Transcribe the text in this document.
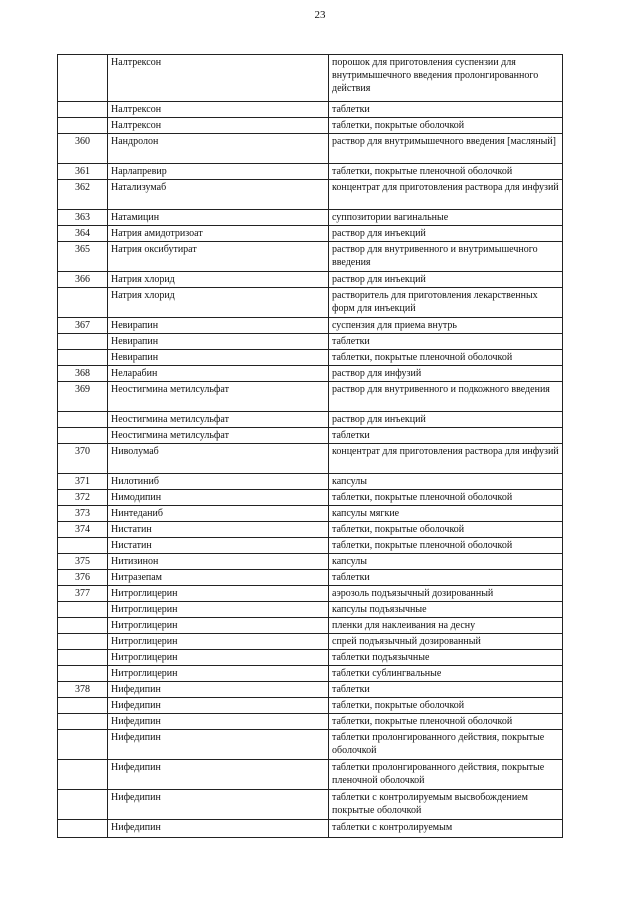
23
	Налтрексон	порошок для приготовления суспензии для внутримышечного введения пролонгированного действия
	Налтрексон	таблетки
	Налтрексон	таблетки, покрытые оболочкой
360	Нандролон	раствор для внутримышечного введения [масляный]
361	Нарлапревир	таблетки, покрытые пленочной оболочкой
362	Натализумаб	концентрат для приготовления раствора для инфузий
363	Натамицин	суппозитории вагинальные
364	Натрия амидотризоат	раствор для инъекций
365	Натрия оксибутират	раствор для внутривенного и внутримышечного введения
366	Натрия хлорид	раствор для инъекций
	Натрия хлорид	растворитель для приготовления лекарственных форм для инъекций
367	Невирапин	суспензия для приема внутрь
	Невирапин	таблетки
	Невирапин	таблетки, покрытые пленочной оболочкой
368	Неларабин	раствор для инфузий
369	Неостигмина метилсульфат	раствор для внутривенного и подкожного введения
	Неостигмина метилсульфат	раствор для инъекций
	Неостигмина метилсульфат	таблетки
370	Ниволумаб	концентрат для приготовления раствора для инфузий
371	Нилотиниб	капсулы
372	Нимодипин	таблетки, покрытые пленочной оболочкой
373	Нинтеданиб	капсулы мягкие
374	Нистатин	таблетки, покрытые оболочкой
	Нистатин	таблетки, покрытые пленочной оболочкой
375	Нитизинон	капсулы
376	Нитразепам	таблетки
377	Нитроглицерин	аэрозоль подъязычный дозированный
	Нитроглицерин	капсулы подъязычные
	Нитроглицерин	пленки для наклеивания на десну
	Нитроглицерин	спрей подъязычный дозированный
	Нитроглицерин	таблетки подъязычные
	Нитроглицерин	таблетки сублингвальные
378	Нифедипин	таблетки
	Нифедипин	таблетки, покрытые оболочкой
	Нифедипин	таблетки, покрытые пленочной оболочкой
	Нифедипин	таблетки пролонгированного действия, покрытые оболочкой
	Нифедипин	таблетки пролонгированного действия, покрытые пленочной оболочкой
	Нифедипин	таблетки с контролируемым высвобождением покрытые оболочкой
	Нифедипин	таблетки с контролируемым
